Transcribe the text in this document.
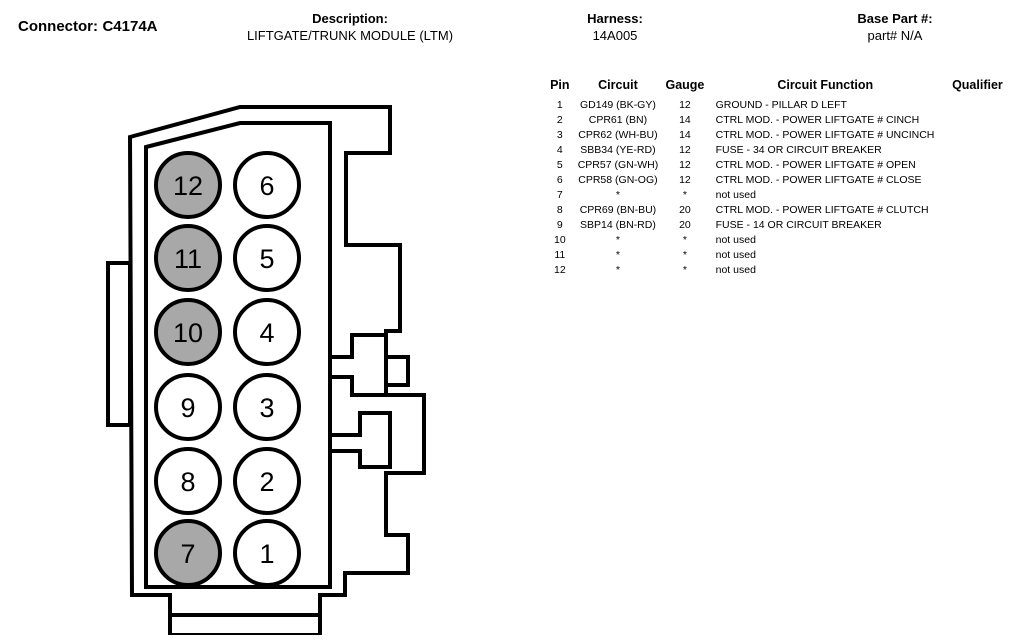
Connector: C4174A	Description:
LIFTGATE/TRUNK MODULE (LTM)
Harness:
14A005
Base Part #:
part# N/A
12 6
11 5
10 4
9 3
8 2
7 1
Pin	Circuit	Gauge	Circuit Function	Qualifier
1	GD149 (BK-GY)	12	GROUND - PILLAR D LEFT	
2	CPR61 (BN)	14	CTRL MOD. - POWER LIFTGATE # CINCH	
3	CPR62 (WH-BU)	14	CTRL MOD. - POWER LIFTGATE # UNCINCH	
4	SBB34 (YE-RD)	12	FUSE - 34 OR CIRCUIT BREAKER	
5	CPR57 (GN-WH)	12	CTRL MOD. - POWER LIFTGATE # OPEN	
6	CPR58 (GN-OG)	12	CTRL MOD. - POWER LIFTGATE # CLOSE	
7	*	*	not used	
8	CPR69 (BN-BU)	20	CTRL MOD. - POWER LIFTGATE # CLUTCH	
9	SBP14 (BN-RD)	20	FUSE - 14 OR CIRCUIT BREAKER	
10	*	*	not used	
11	*	*	not used	
12	*	*	not used	
